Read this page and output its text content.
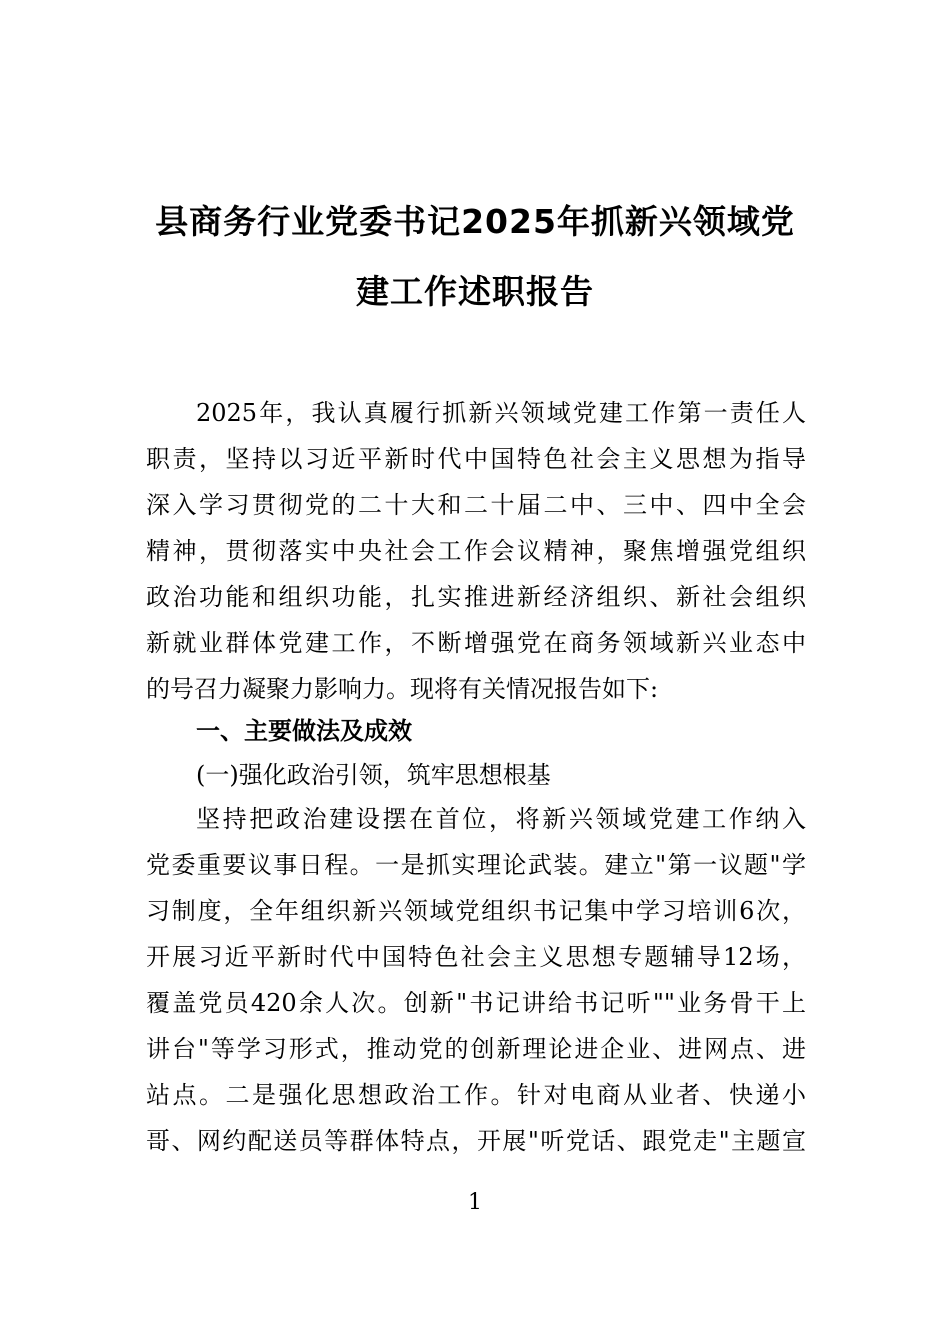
县商务行业党委书记2025年抓新兴领域党
建工作述职报告
2025年，我认真履行抓新兴领域党建工作第一责任人
职责，坚持以习近平新时代中国特色社会主义思想为指导
深入学习贯彻党的二十大和二十届二中、三中、四中全会
精神，贯彻落实中央社会工作会议精神，聚焦增强党组织
政治功能和组织功能，扎实推进新经济组织、新社会组织
新就业群体党建工作，不断增强党在商务领域新兴业态中
的号召力凝聚力影响力。现将有关情况报告如下:
一、主要做法及成效
(一)强化政治引领，筑牢思想根基
坚持把政治建设摆在首位，将新兴领域党建工作纳入
党委重要议事日程。一是抓实理论武装。建立"第一议题"学
习制度，全年组织新兴领域党组织书记集中学习培训6次，
开展习近平新时代中国特色社会主义思想专题辅导12场，
覆盖党员420余人次。创新"书记讲给书记听""业务骨干上
讲台"等学习形式，推动党的创新理论进企业、进网点、进
站点。二是强化思想政治工作。针对电商从业者、快递小
哥、网约配送员等群体特点，开展"听党话、跟党走"主题宣
1
